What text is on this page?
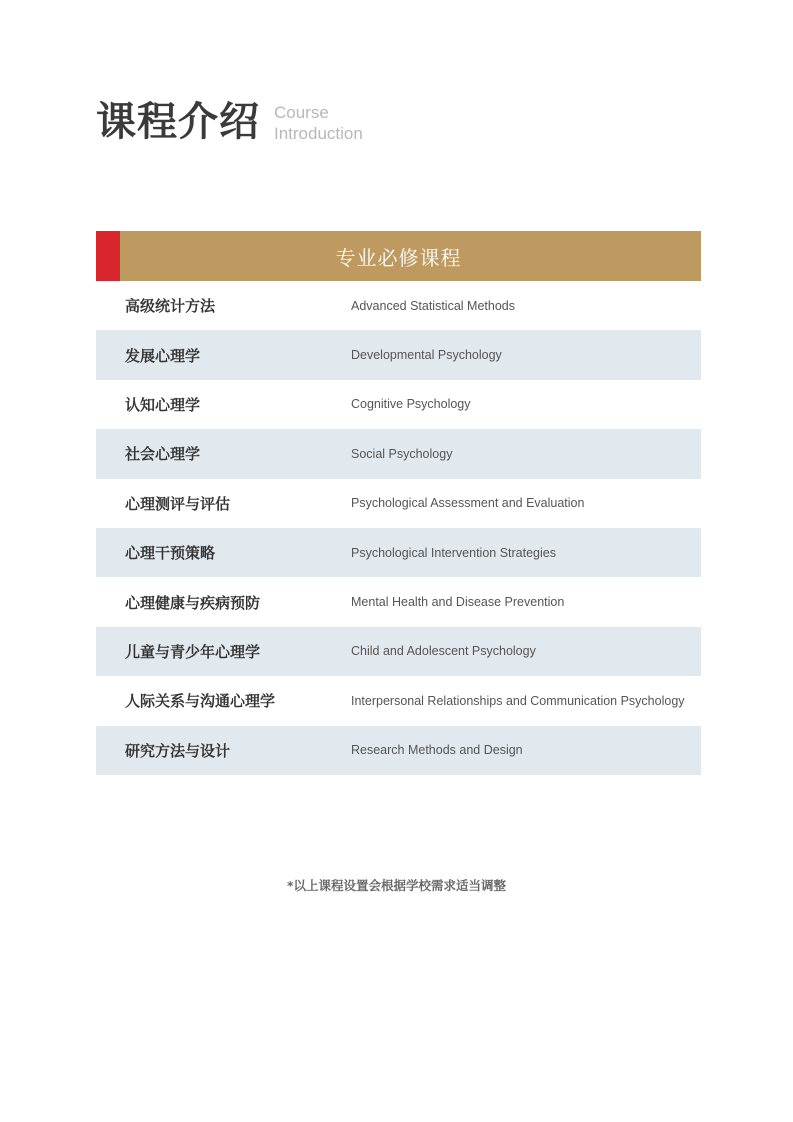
课程介绍 Course
Introduction
专业必修课程
高级统计方法	Advanced Statistical Methods
发展心理学	Developmental Psychology
认知心理学	Cognitive Psychology
社会心理学	Social Psychology
心理测评与评估	Psychological Assessment and Evaluation
心理干预策略	Psychological Intervention Strategies
心理健康与疾病预防	Mental Health and Disease Prevention
儿童与青少年心理学	Child and Adolescent Psychology
人际关系与沟通心理学	Interpersonal Relationships and Communication Psychology
研究方法与设计	Research Methods and Design
*以上课程设置会根据学校需求适当调整
